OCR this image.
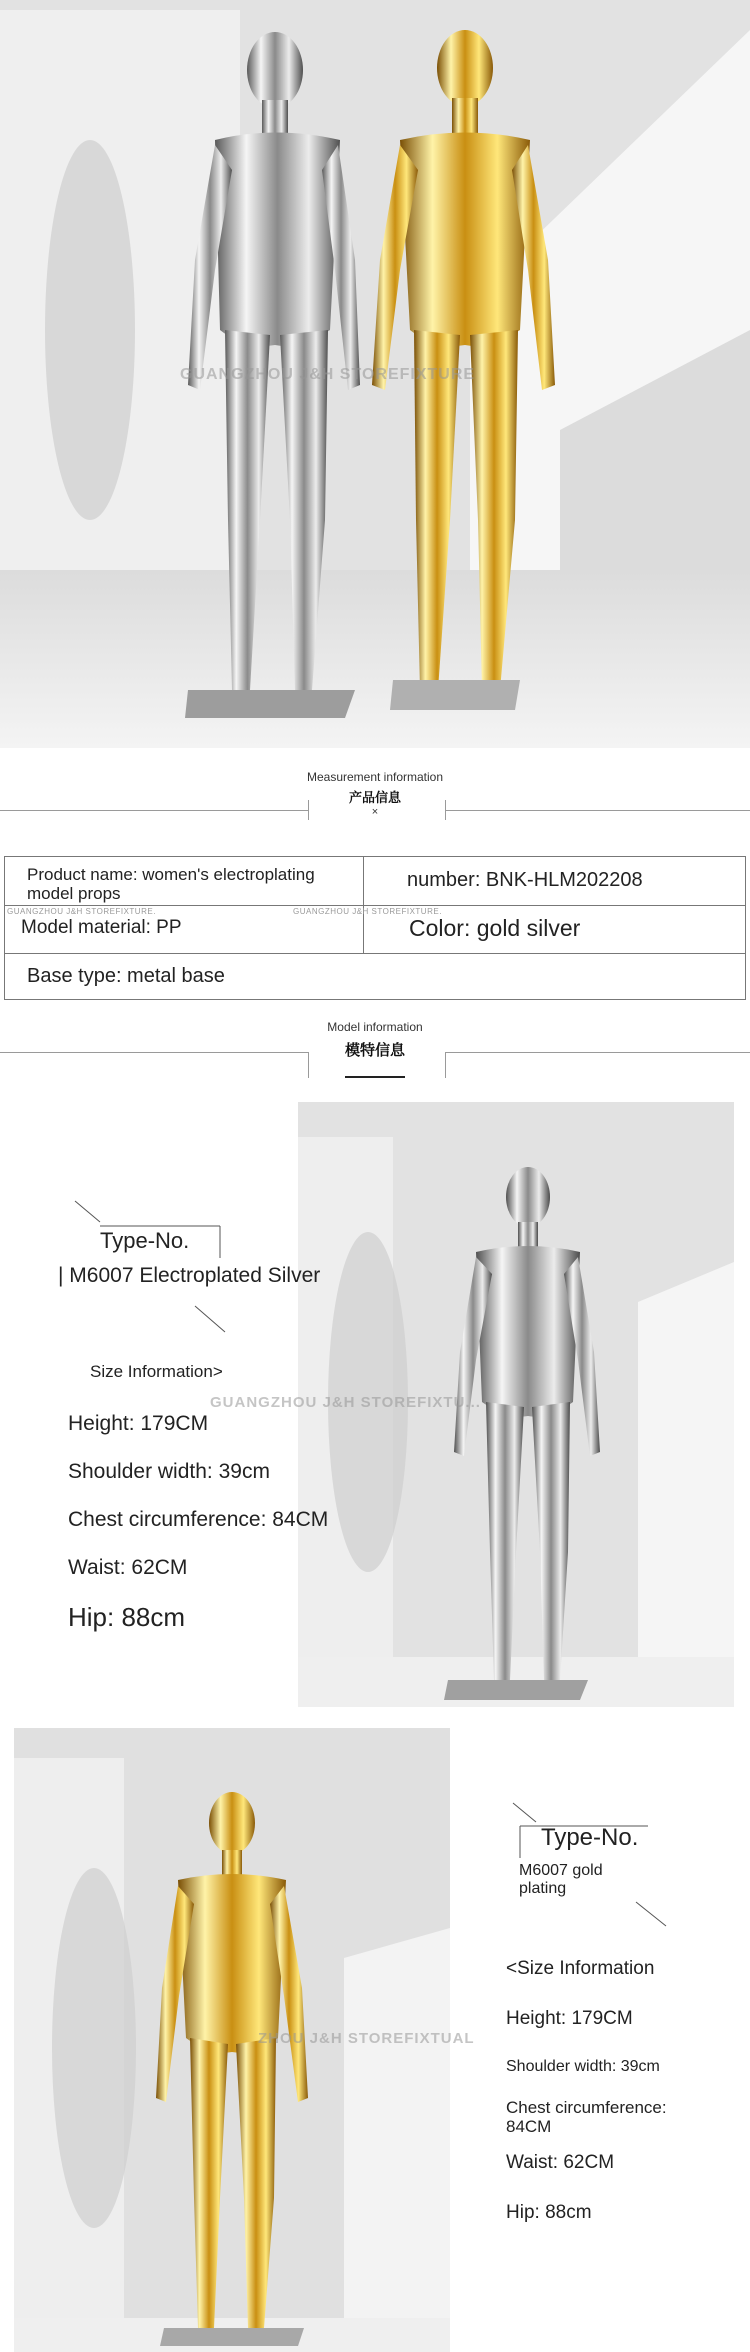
GUANGZHOU J&H STOREFIXTURE
Measurement information
产品信息
×
Product name: women's electroplating model props
number: BNK-HLM202208
Model material: PP	Color: gold silver
Base type: metal base
GUANGZHOU J&H STOREFIXTURE.	GUANGZHOU J&H STOREFIXTURE.
Model information
模特信息
GUANGZHOU J&H STOREFIXTU...
Type-No.
| M6007 Electroplated Silver
Size Information>
Height: 179CM
Shoulder width: 39cm
Chest circumference: 84CM
Waist: 62CM
Hip: 88cm
ZHOU J&H STOREFIXTUAL
Type-No.
M6007 gold plating
<Size Information
Height: 179CM
Shoulder width: 39cm
Chest circumference: 84CM
Waist: 62CM
Hip: 88cm
